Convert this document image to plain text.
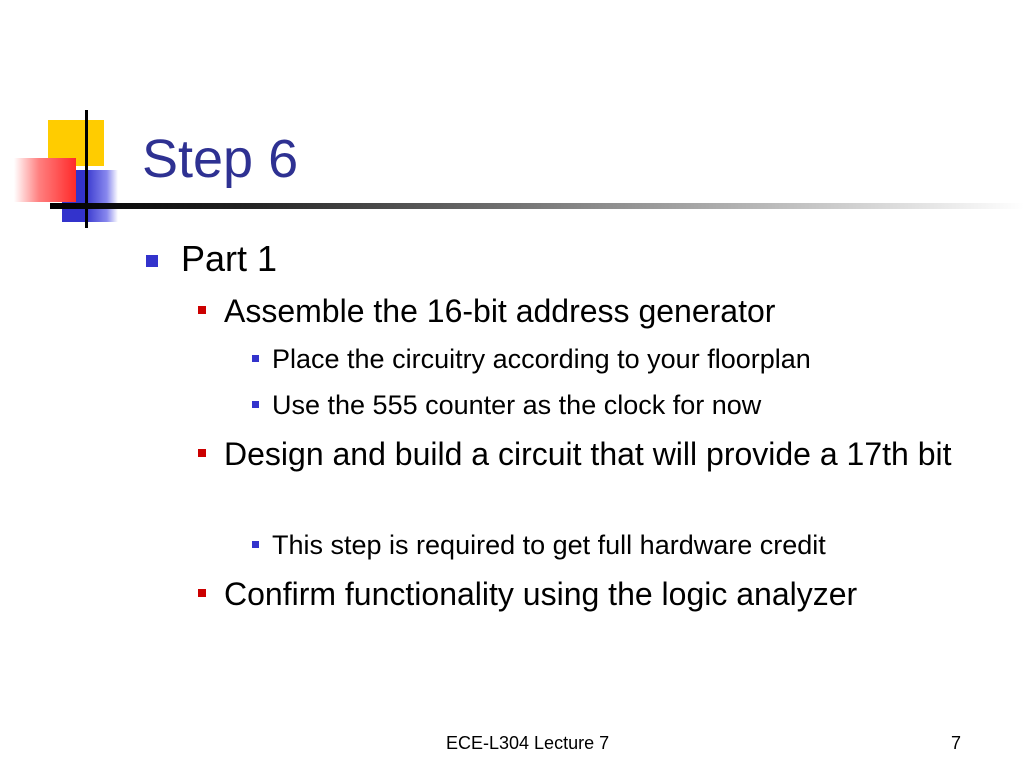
Step 6
Part 1
Assemble the 16-bit address generator
Place the circuitry according to your floorplan
Use the 555 counter as the clock for now
Design and build a circuit that will provide a 17th bit
This step is required to get full hardware credit
Confirm functionality using the logic analyzer
ECE-L304 Lecture 7	7
